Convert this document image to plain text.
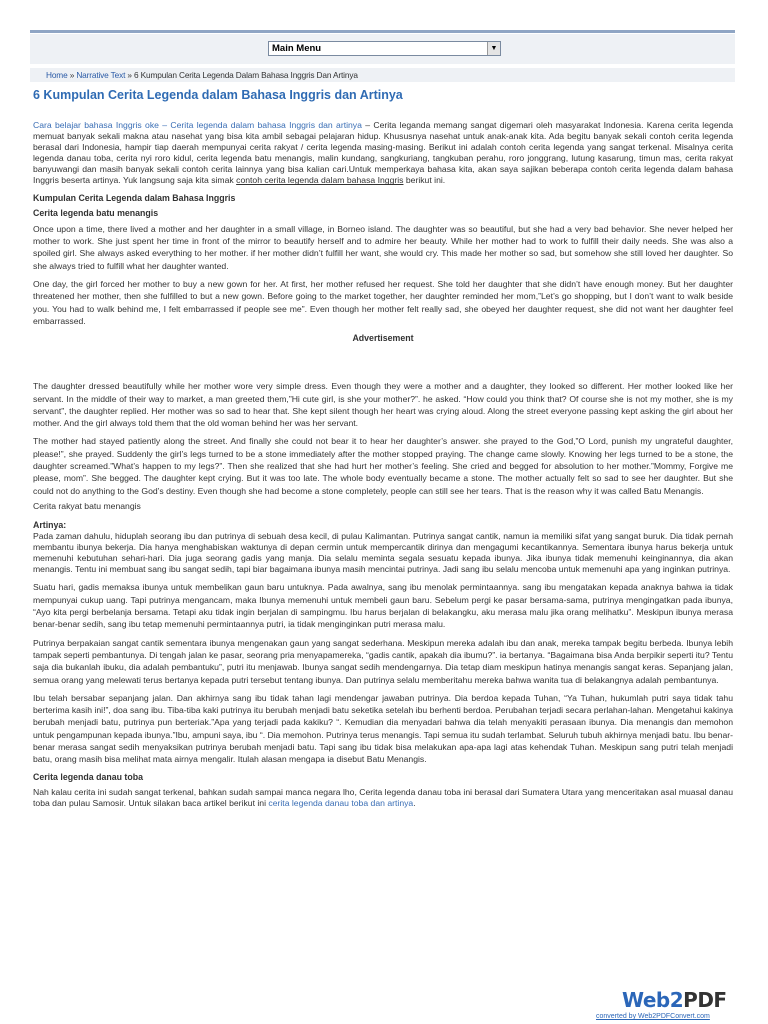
Main Menu	▼
Home » Narrative Text » 6 Kumpulan Cerita Legenda Dalam Bahasa Inggris Dan Artinya
6 Kumpulan Cerita Legenda dalam Bahasa Inggris dan Artinya

Cara belajar bahasa Inggris oke – Cerita legenda dalam bahasa Inggris dan artinya – Cerita leganda memang sangat digemari oleh masyarakat Indonesia. Karena cerita legenda memuat banyak sekali makna atau nasehat yang bisa kita ambil sebagai pelajaran hidup. Khususnya nasehat untuk anak-anak kita. Ada begitu banyak sekali contoh cerita legenda berasal dari Indonesia, hampir tiap daerah mempunyai cerita rakyat / cerita legenda masing-masing. Berikut ini adalah contoh cerita legenda yang sangat terkenal. Misalnya cerita legenda danau toba, cerita nyi roro kidul, cerita legenda batu menangis, malin kundang, sangkuriang, tangkuban perahu, roro jonggrang, lutung kasarung, timun mas, cerita rakyat banyuwangi dan masih banyak sekali contoh cerita lainnya yang bisa kalian cari.Untuk memperkaya bahasa kita, akan saya sajikan beberapa contoh cerita legenda dalam bahasa Inggris beserta artinya. Yuk langsung saja kita simak contoh cerita legenda dalam bahasa Inggris berikut ini.

Kumpulan Cerita Legenda dalam Bahasa Inggris
Cerita legenda batu menangis

Once upon a time, there lived a mother and her daughter in a small village, in Borneo island. The daughter was so beautiful, but she had a very bad behavior. She never helped her mother to work. She just spent her time in front of the mirror to beautify herself and to admire her beauty. While her mother had to work to fulfill their daily needs. She was also a spoiled girl. She always asked everything to her mother. if her mother didn’t fulfill her want, she would cry. This made her mother so sad, but somehow she still loved her daughter. So she always tried to fulfill what her daughter wanted.

One day, the girl forced her mother to buy a new gown for her. At first, her mother refused her request. She told her daughter that she didn’t have enough money. But her daughter threatened her mother, then she fulfilled to but a new gown. Before going to the market together, her daughter reminded her mom,”Let’s go shopping, but I don’t want to walk beside you. You had to walk behind me, I felt embarrassed if people see me”. Even though her mother felt really sad, she obeyed her daughter request, she did not want her daughter feel embarrassed.

Advertisement

The daughter dressed beautifully while her mother wore very simple dress. Even though they were a mother and a daughter, they looked so different. Her mother looked like her servant. In the middle of their way to market, a man greeted them,”Hi cute girl, is she your mother?”. he asked. “How could you think that? Of course she is not my mother, she is my servant”, the daughter replied. Her mother was so sad to hear that. She kept silent though her heart was crying aloud. Along the street everyone passing kept asking the girl about her mother. And the girl always told them that the old woman behind her was her servant.

The mother had stayed patiently along the street. And finally she could not bear it to hear her daughter’s answer. she prayed to the God,”O Lord, punish my ungrateful daughter, please!”, she prayed. Suddenly the girl’s legs turned to be a stone immediately after the mother stopped praying. The change came slowly. Knowing her legs turned to be a stone, the daughter screamed.”What’s happen to my legs?”. Then she realized that she had hurt her mother’s feeling. She cried and begged for absolution to her mother.”Mommy, Forgive me please, mom”. She begged. The daughter kept crying. But it was too late. The whole body eventually became a stone. The mother actually felt so sad to see her daughter. But she could not do anything to the God’s destiny. Even though she had become a stone completely, people can still see her tears. That is the reason why it was called Batu Menangis.

Cerita rakyat batu menangis
Artinya:

Pada zaman dahulu, hiduplah seorang ibu dan putrinya di sebuah desa kecil, di pulau Kalimantan. Putrinya sangat cantik, namun ia memiliki sifat yang sangat buruk. Dia tidak pernah membantu ibunya bekerja. Dia hanya menghabiskan waktunya di depan cermin untuk mempercantik dirinya dan mengagumi kecantikannya. Sementara ibunya harus bekerja untuk memenuhi kebutuhan sehari-hari. Dia juga seorang gadis yang manja. Dia selalu meminta segala sesuatu kepada ibunya. Jika ibunya tidak memenuhi keinginannya, dia akan menangis. Tentu ini membuat sang ibu sangat sedih, tapi biar bagaimana ibunya masih mencintai putrinya. Jadi sang ibu selalu mencoba untuk memenuhi apa yang inginkan putrinya.

Suatu hari, gadis memaksa ibunya untuk membelikan gaun baru untuknya. Pada awalnya, sang ibu menolak permintaannya. sang ibu mengatakan kepada anaknya bahwa ia tidak mempunyai cukup uang. Tapi putrinya mengancam, maka Ibunya memenuhi untuk membeli gaun baru. Sebelum pergi ke pasar bersama-sama, putrinya mengingatkan pada ibunya, “Ayo kita pergi berbelanja bersama. Tetapi aku tidak ingin berjalan di sampingmu. Ibu harus berjalan di belakangku, aku merasa malu jika orang melihatku”. Meskipun ibunya merasa benar-benar sedih, sang ibu tetap memenuhi permintaannya putri, ia tidak menginginkan putri merasa malu.

Putrinya berpakaian sangat cantik sementara ibunya mengenakan gaun yang sangat sederhana. Meskipun mereka adalah ibu dan anak, mereka tampak begitu berbeda. Ibunya lebih tampak seperti pembantunya. Di tengah jalan ke pasar, seorang pria menyapamereka, “gadis cantik, apakah dia ibumu?”. ia bertanya. “Bagaimana bisa Anda berpikir seperti itu? Tentu saja dia bukanlah ibuku, dia adalah pembantuku”, putri itu menjawab. Ibunya sangat sedih mendengarnya. Dia tetap diam meskipun hatinya menangis sangat keras. Sepanjang jalan, semua orang yang melewati terus bertanya kepada putri tersebut tentang ibunya. Dan putrinya selalu memberitahu mereka bahwa wanita tua di belakangnya adalah pembantunya.

Ibu telah bersabar sepanjang jalan. Dan akhirnya sang ibu tidak tahan lagi mendengar jawaban putrinya. Dia berdoa kepada Tuhan, “Ya Tuhan, hukumlah putri saya tidak tahu berterima kasih ini!”, doa sang ibu. Tiba-tiba kaki putrinya itu berubah menjadi batu seketika setelah ibu berhenti berdoa. Perubahan terjadi secara perlahan-lahan. Mengetahui kakinya berubah menjadi batu, putrinya pun berteriak.”Apa yang terjadi pada kakiku? “. Kemudian dia menyadari bahwa dia telah menyakiti perasaan ibunya. Dia menangis dan memohon untuk pengampunan kepada ibunya.”Ibu, ampuni saya, ibu “. Dia memohon. Putrinya terus menangis. Tapi semua itu sudah terlambat. Seluruh tubuh akhirnya menjadi batu. Ibu benar-benar merasa sangat sedih menyaksikan putrinya berubah menjadi batu. Tapi sang ibu tidak bisa melakukan apa-apa lagi atas kehendak Tuhan. Meskipun sang putri telah menjadi batu, orang masih bisa melihat mata airnya mengalir. Itulah alasan mengapa ia disebut Batu Menangis.

Cerita legenda danau toba

Nah kalau cerita ini sudah sangat terkenal, bahkan sudah sampai manca negara lho, Cerita legenda danau toba ini berasal dari Sumatera Utara yang menceritakan asal muasal danau toba dan pulau Samosir. Untuk silakan baca artikel berikut ini cerita legenda danau toba dan artinya.

Web2PDF
converted by Web2PDFConvert.com
